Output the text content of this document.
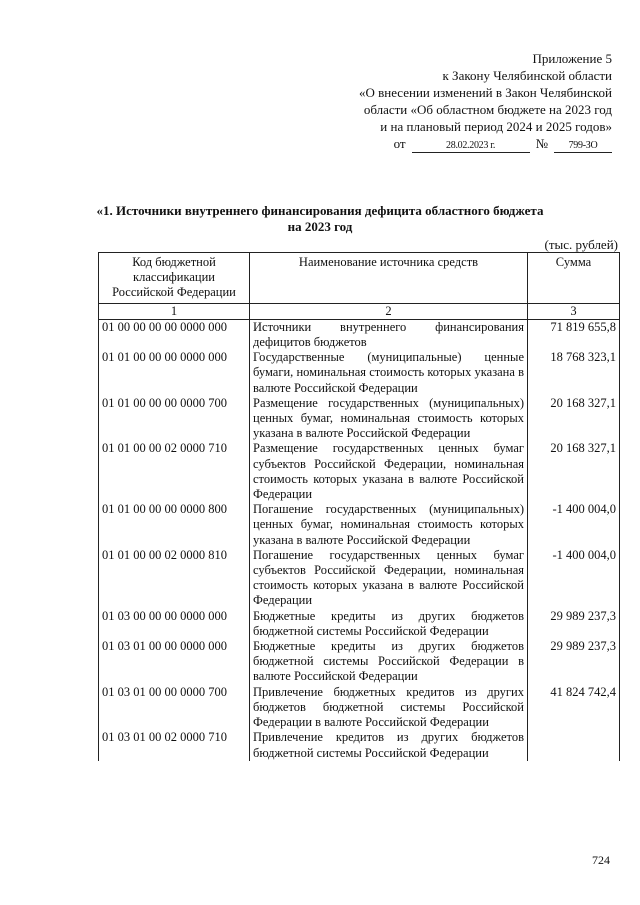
Приложение 5
к Закону Челябинской области
«О внесении изменений в Закон Челябинской
области «Об областном бюджете на 2023 год
и на плановый период 2024 и 2025 годов»
от	28.02.2023 г.	№	799-ЗО
«1. Источники внутреннего финансирования дефицита областного бюджета
на 2023 год
(тыс. рублей)
Код бюджетной классификации Российской Федерации	Наименование источника средств	Сумма
1	2	3
01 00 00 00 00 0000 000	Источники внутреннего финансирования дефицитов бюджетов	71 819 655,8
01 01 00 00 00 0000 000	Государственные (муниципальные) ценные бумаги, номинальная стоимость которых указана в валюте Российской Федерации	18 768 323,1
01 01 00 00 00 0000 700	Размещение государственных (муниципальных) ценных бумаг, номинальная стоимость которых указана в валюте Российской Федерации	20 168 327,1
01 01 00 00 02 0000 710	Размещение государственных ценных бумаг субъектов Российской Федерации, номинальная стоимость которых указана в валюте Российской Федерации	20 168 327,1
01 01 00 00 00 0000 800	Погашение государственных (муниципальных) ценных бумаг, номинальная стоимость которых указана в валюте Российской Федерации	-1 400 004,0
01 01 00 00 02 0000 810	Погашение государственных ценных бумаг субъектов Российской Федерации, номинальная стоимость которых указана в валюте Российской Федерации	-1 400 004,0
01 03 00 00 00 0000 000	Бюджетные кредиты из других бюджетов бюджетной системы Российской Федерации	29 989 237,3
01 03 01 00 00 0000 000	Бюджетные кредиты из других бюджетов бюджетной системы Российской Федерации в валюте Российской Федерации	29 989 237,3
01 03 01 00 00 0000 700	Привлечение бюджетных кредитов из других бюджетов бюджетной системы Российской Федерации в валюте Российской Федерации	41 824 742,4
01 03 01 00 02 0000 710	Привлечение кредитов из других бюджетов бюджетной системы Российской Федерации	
724
